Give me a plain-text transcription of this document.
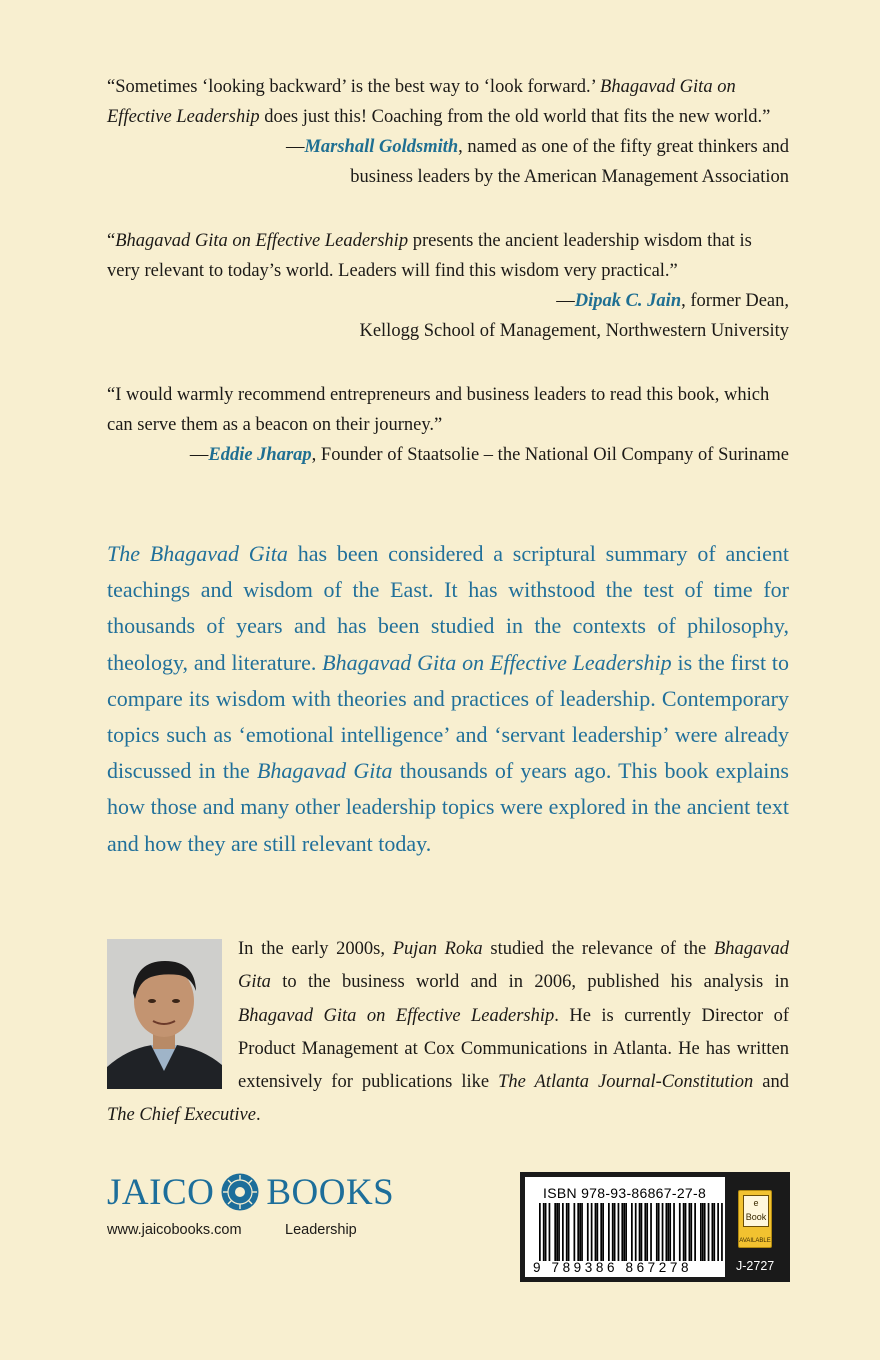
“Sometimes ‘looking backward’ is the best way to ‘look forward.’ Bhagavad Gita on Effective Leadership does just this! Coaching from the old world that fits the new world.”
—Marshall Goldsmith, named as one of the fifty great thinkers and
business leaders by the American Management Association
“Bhagavad Gita on Effective Leadership presents the ancient leadership wisdom that is very relevant to today’s world. Leaders will find this wisdom very practical.”
—Dipak C. Jain, former Dean,
Kellogg School of Management, Northwestern University
“I would warmly recommend entrepreneurs and business leaders to read this book, which can serve them as a beacon on their journey.”
—Eddie Jharap, Founder of Staatsolie – the National Oil Company of Suriname
The Bhagavad Gita has been considered a scriptural summary of ancient teachings and wisdom of the East. It has withstood the test of time for thousands of years and has been studied in the contexts of philosophy, theology, and literature. Bhagavad Gita on Effective Leadership is the first to compare its wisdom with theories and practices of leadership. Contemporary topics such as ‘emotional intelligence’ and ‘servant leadership’ were already discussed in the Bhagavad Gita thousands of years ago. This book explains how those and many other leadership topics were explored in the ancient text and how they are still relevant today.
In the early 2000s, Pujan Roka studied the relevance of the Bhagavad Gita to the business world and in 2006, published his analysis in Bhagavad Gita on Effective Leadership. He is currently Director of Product Management at Cox Communications in Atlanta. He has written extensively for publications like The Atlanta Journal-Constitution and The Chief Executive.
JAICO BOOKS
www.jaicobooks.com	Leadership
ISBN 978-93-86867-27-8
9 789386 867278
e Book
AVAILABLE
J-2727
